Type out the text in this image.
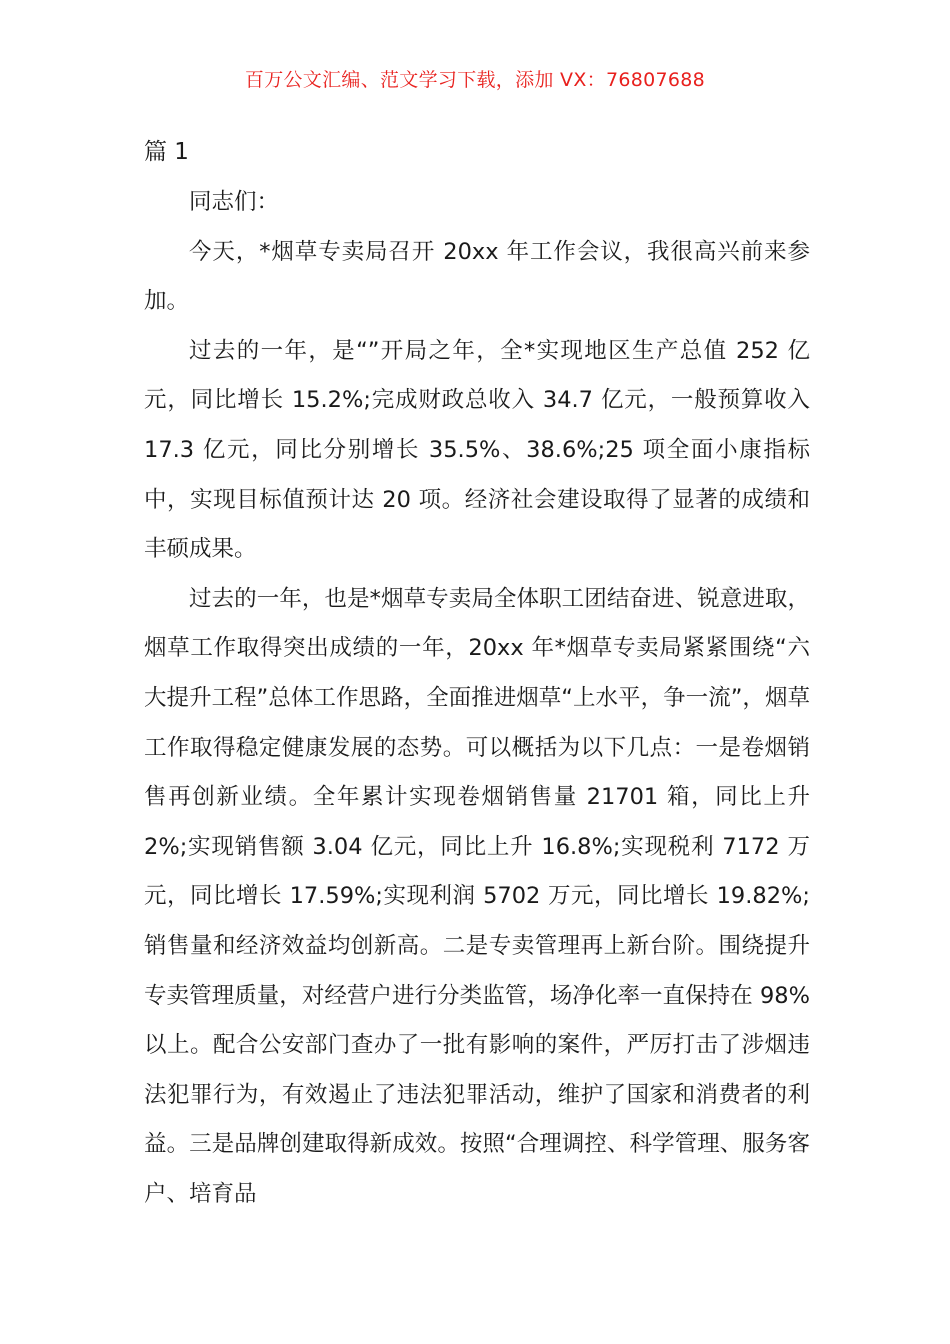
百万公文汇编、范文学习下载，添加 VX：76807688
篇 1

同志们：

今天，*烟草专卖局召开 20xx 年工作会议，我很高兴前来参加。

过去的一年，是“”开局之年，全*实现地区生产总值 252 亿元，同比增长 15.2%;完成财政总收入 34.7 亿元，一般预算收入 17.3 亿元，同比分别增长 35.5%、38.6%;25 项全面小康指标中，实现目标值预计达 20 项。经济社会建设取得了显著的成绩和丰硕成果。

过去的一年，也是*烟草专卖局全体职工团结奋进、锐意进取，烟草工作取得突出成绩的一年，20xx 年*烟草专卖局紧紧围绕“六大提升工程”总体工作思路，全面推进烟草“上水平，争一流”，烟草工作取得稳定健康发展的态势。可以概括为以下几点：一是卷烟销售再创新业绩。全年累计实现卷烟销售量 21701 箱，同比上升 2%;实现销售额 3.04 亿元，同比上升 16.8%;实现税利 7172 万元，同比增长 17.59%;实现利润 5702 万元，同比增长 19.82%;销售量和经济效益均创新高。二是专卖管理再上新台阶。围绕提升专卖管理质量，对经营户进行分类监管，场净化率一直保持在 98%以上。配合公安部门查办了一批有影响的案件，严厉打击了涉烟违法犯罪行为，有效遏止了违法犯罪活动，维护了国家和消费者的利益。三是品牌创建取得新成效。按照“合理调控、科学管理、服务客户、培育品
